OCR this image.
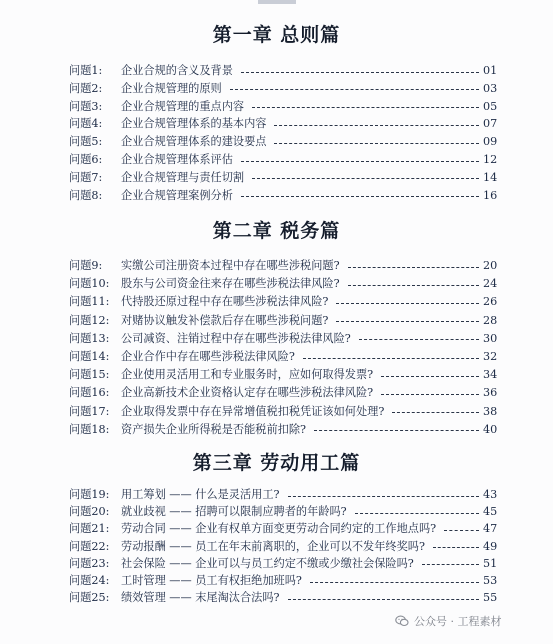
第一章 总则篇
问题1:	企业合规的含义及背景	01
问题2:	企业合规管理的原则	03
问题3:	企业合规管理的重点内容	05
问题4:	企业合规管理体系的基本内容	07
问题5:	企业合规管理体系的建设要点	09
问题6:	企业合规管理体系评估	12
问题7:	企业合规管理与责任切割	14
问题8:	企业合规管理案例分析	16
第二章 税务篇
问题9:	实缴公司注册资本过程中存在哪些涉税问题?	20
问题10:	股东与公司资金往来存在哪些涉税法律风险?	24
问题11:	代持股还原过程中存在哪些涉税法律风险?	26
问题12:	对赌协议触发补偿款后存在哪些涉税问题?	28
问题13:	公司减资、注销过程中存在哪些涉税法律风险?	30
问题14:	企业合作中存在哪些涉税法律风险?	32
问题15:	企业使用灵活用工和专业服务时，应如何取得发票?	34
问题16:	企业高新技术企业资格认定存在哪些涉税法律风险?	36
问题17:	企业取得发票中存在异常增值税扣税凭证该如何处理?	38
问题18:	资产损失企业所得税是否能税前扣除?	40
第三章 劳动用工篇
问题19:	用工筹划 —— 什么是灵活用工?	43
问题20:	就业歧视 —— 招聘可以限制应聘者的年龄吗?	45
问题21:	劳动合同 —— 企业有权单方面变更劳动合同约定的工作地点吗?	47
问题22:	劳动报酬 —— 员工在年末前离职的，企业可以不发年终奖吗?	49
问题23:	社会保险 —— 企业可以与员工约定不缴或少缴社会保险吗?	51
问题24:	工时管理 —— 员工有权拒绝加班吗?	53
问题25:	绩效管理 —— 末尾淘汰合法吗?	55
公众号 · 工程素材
